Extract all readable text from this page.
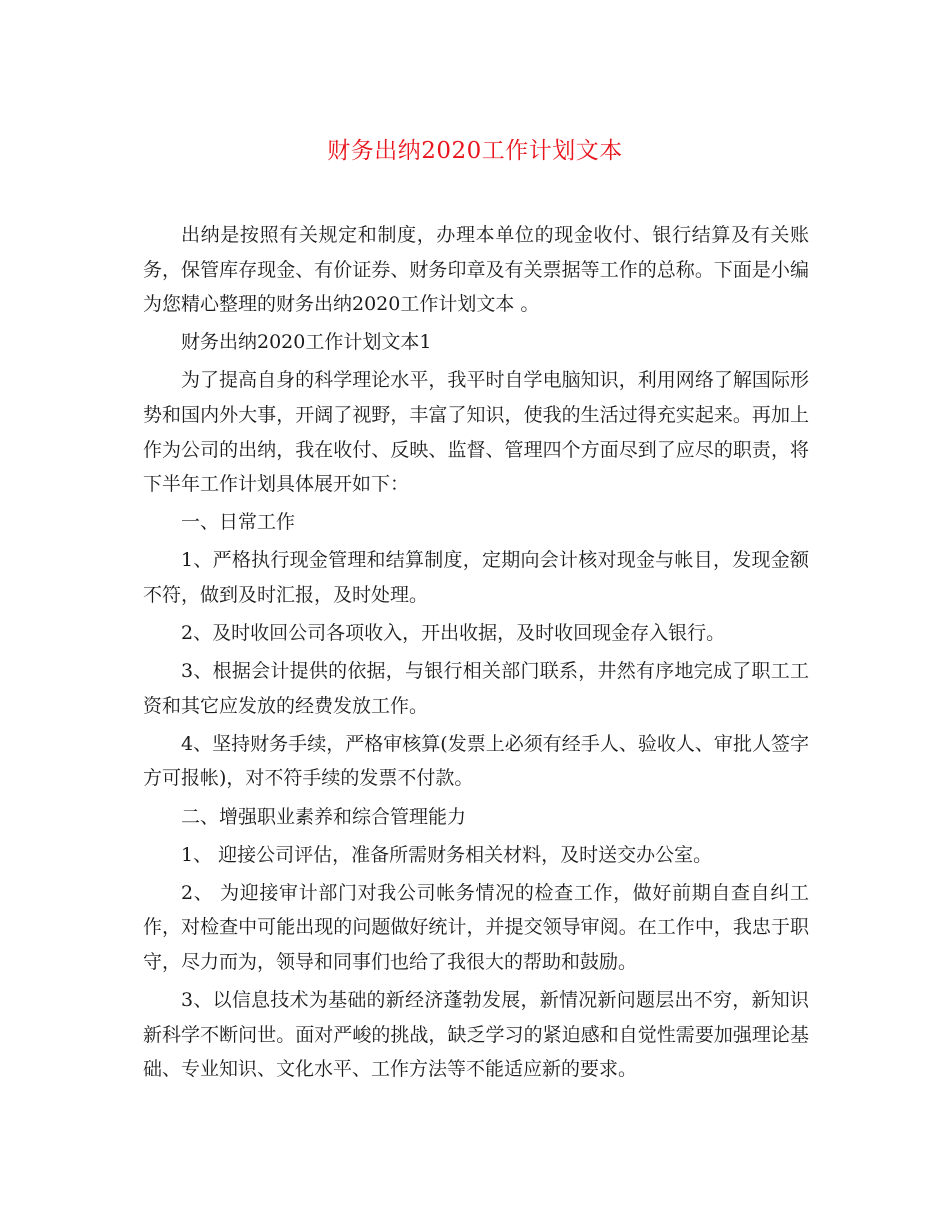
财务出纳2020工作计划文本

出纳是按照有关规定和制度，办理本单位的现金收付、银行结算及有关账务，保管库存现金、有价证券、财务印章及有关票据等工作的总称。下面是小编为您精心整理的财务出纳2020工作计划文本 。

财务出纳2020工作计划文本1

为了提高自身的科学理论水平，我平时自学电脑知识，利用网络了解国际形势和国内外大事，开阔了视野，丰富了知识，使我的生活过得充实起来。再加上作为公司的出纳，我在收付、反映、监督、管理四个方面尽到了应尽的职责，将下半年工作计划具体展开如下：

一、日常工作

1、严格执行现金管理和结算制度，定期向会计核对现金与帐目，发现金额不符，做到及时汇报，及时处理。

2、及时收回公司各项收入，开出收据，及时收回现金存入银行。

3、根据会计提供的依据，与银行相关部门联系，井然有序地完成了职工工资和其它应发放的经费发放工作。

4、坚持财务手续，严格审核算(发票上必须有经手人、验收人、审批人签字方可报帐)，对不符手续的发票不付款。

二、增强职业素养和综合管理能力

1、 迎接公司评估，准备所需财务相关材料，及时送交办公室。

2、 为迎接审计部门对我公司帐务情况的检查工作，做好前期自查自纠工作，对检查中可能出现的问题做好统计，并提交领导审阅。在工作中，我忠于职守，尽力而为，领导和同事们也给了我很大的帮助和鼓励。

3、以信息技术为基础的新经济蓬勃发展，新情况新问题层出不穷，新知识新科学不断问世。面对严峻的挑战，缺乏学习的紧迫感和自觉性需要加强理论基础、专业知识、文化水平、工作方法等不能适应新的要求。
